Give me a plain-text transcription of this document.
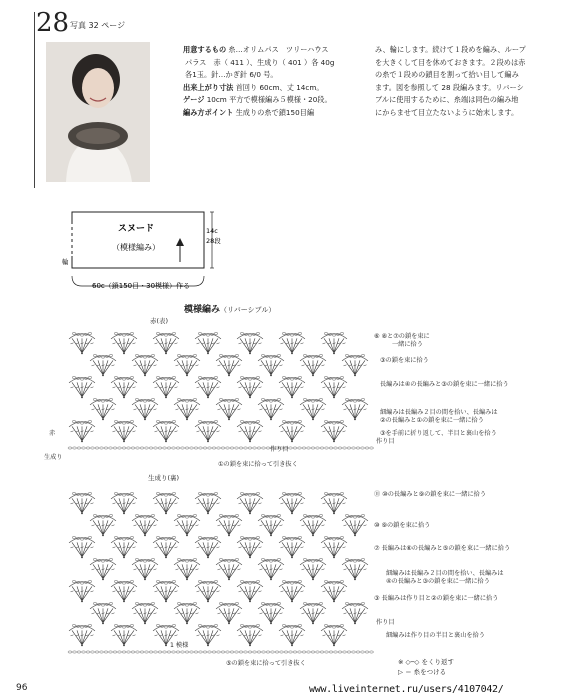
28 写真 32 ページ
用意するもの 糸…オリムパス　ツリーハウス
パラス　赤（ 411 ）、生成り（ 401 ）各 40g
各1玉。針…かぎ針 6/0 号。
出来上がり寸法 首回り 60cm、丈 14cm。
ゲージ 10cm 平方で模様編み５模様・20段。
編み方ポイント 生成りの糸で鎖150目編
み、輪にします。続けて１段めを編み、ループ
を大きくして目を休めておきます。２段めは赤
の糸で１段めの鎖目を割って拾い目して編み
ます。図を参照して 28 段編みます。リバーシ
ブルに使用するために、糸端は同色の編み地
にからませて目立たないように始末します。
スヌード
（模様編み）
14c
28段
60c（鎖150目・30模様）作る
輪
模様編み（リバーシブル）
赤(表)
生成り(裏)
⑥ ⑧と⑦の鎖を束に
一緒に拾う
③の鎖を束に拾う
長編みは④の長編みと③の鎖を束に一緒に拾う
細編みは長編み２目の間を拾い、長編みは
②の長編みと①の鎖を束に一緒に拾う
③を手前に折り返して、半目と裏山を拾う
作り目
赤
生成り
作り目
①の鎖を束に拾って引き抜く
⑪ ⑩の長編みと⑨の鎖を束に一緒に拾う
⑩ ⑨の鎖を束に拾う
⑦ 長編みは⑥の長編みと⑤の鎖を束に一緒に拾う
細編みは長編み２目の間を拾い、長編みは
④の長編みと③の鎖を束に一緒に拾う
③ 長編みは作り目と②の鎖を束に一緒に拾う
作り目
細編みは作り目の半目と裏山を拾う
1 模様
⑤の鎖を束に拾って引き抜く	※ ◇─◇ をくり返す
▷ ＝ 糸をつける
96	www.liveinternet.ru/users/4107042/
